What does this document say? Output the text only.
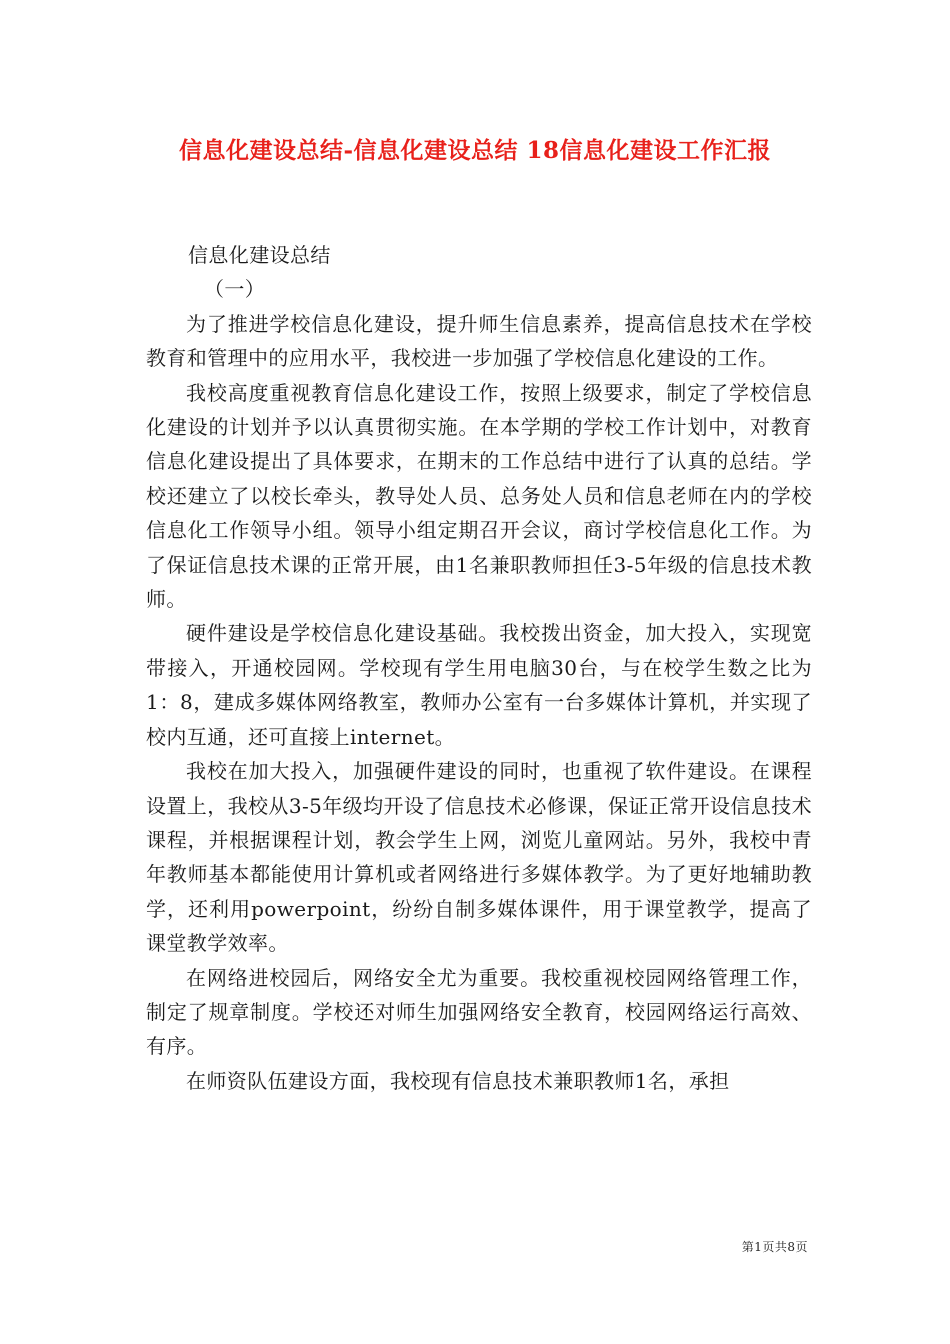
信息化建设总结-信息化建设总结 18信息化建设工作汇报

信息化建设总结

（一）

为了推进学校信息化建设，提升师生信息素养，提高信息技术在学校教育和管理中的应用水平，我校进一步加强了学校信息化建设的工作。

我校高度重视教育信息化建设工作，按照上级要求，制定了学校信息化建设的计划并予以认真贯彻实施。在本学期的学校工作计划中，对教育信息化建设提出了具体要求，在期末的工作总结中进行了认真的总结。学校还建立了以校长牵头，教导处人员、总务处人员和信息老师在内的学校信息化工作领导小组。领导小组定期召开会议，商讨学校信息化工作。为了保证信息技术课的正常开展，由1名兼职教师担任3-5年级的信息技术教师。

硬件建设是学校信息化建设基础。我校拨出资金，加大投入，实现宽带接入，开通校园网。学校现有学生用电脑30台，与在校学生数之比为1：8，建成多媒体网络教室，教师办公室有一台多媒体计算机，并实现了校内互通，还可直接上internet。

我校在加大投入，加强硬件建设的同时，也重视了软件建设。在课程设置上，我校从3-5年级均开设了信息技术必修课，保证正常开设信息技术课程，并根据课程计划，教会学生上网，浏览儿童网站。另外，我校中青年教师基本都能使用计算机或者网络进行多媒体教学。为了更好地辅助教学，还利用powerpoint，纷纷自制多媒体课件，用于课堂教学，提高了课堂教学效率。

在网络进校园后，网络安全尤为重要。我校重视校园网络管理工作，制定了规章制度。学校还对师生加强网络安全教育，校园网络运行高效、有序。

在师资队伍建设方面，我校现有信息技术兼职教师1名，承担

第1页共8页
